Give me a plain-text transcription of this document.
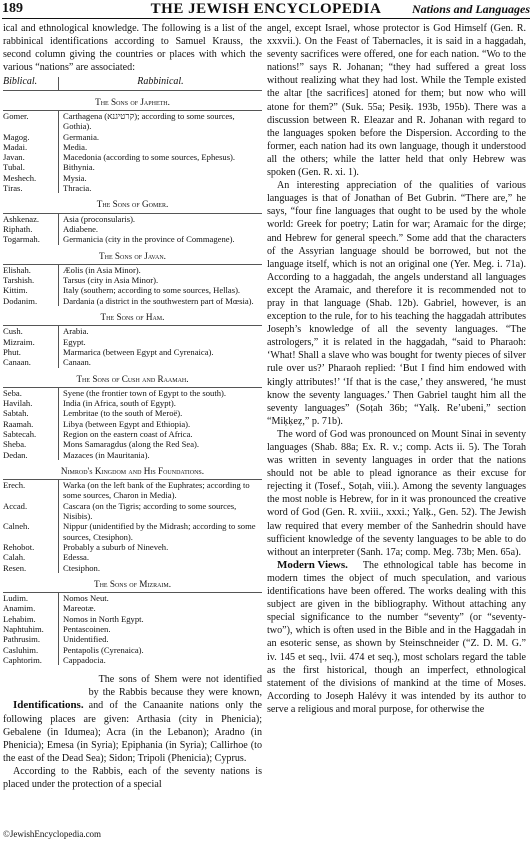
189	THE JEWISH ENCYCLOPEDIA	Nations and Languages

ical and ethnological knowledge. The following is a list of the rabbinical identifications according to Samuel Krauss, the second column giving the countries or places with which the various “nations” are associated:

Biblical.	Rabbinical.
The Sons of Japheth.	
Gomer.	Carthagena (קרטיגנא); according to some sources, Gothia).
Magog.	Germania.
Madai.	Media.
Javan.	Macedonia (according to some sources, Ephesus).
Tubal.	Bithynia.
Meshech.	Mysia.
Tiras.	Thracia.
The Sons of Gomer.	
Ashkenaz.	Asia (proconsularis).
Riphath.	Adiabene.
Togarmah.	Germanicia (city in the province of Commagene).
The Sons of Javan.	
Elishah.	Æolis (in Asia Minor).
Tarshish.	Tarsus (city in Asia Minor).
Kittim.	Italy (southern; according to some sources, Hellas).
Dodanim.	Dardania (a district in the southwestern part of Mœsia).
The Sons of Ham.	
Cush.	Arabia.
Mizraim.	Egypt.
Phut.	Marmarica (between Egypt and Cyrenaica).
Canaan.	Canaan.
The Sons of Cush and Raamah.	
Seba.	Syene (the frontier town of Egypt to the south).
Havilah.	India (in Africa, south of Egypt).
Sabtah.	Lembritae (to the south of Meroë).
Raamah.	Libya (between Egypt and Ethiopia).
Sabtecah.	Region on the eastern coast of Africa.
Sheba.	Mons Samaragdus (along the Red Sea).
Dedan.	Mazaces (in Mauritania).
Nimrod's Kingdom and His Foundations.	
Erech.	Warka (on the left bank of the Euphrates; according to some sources, Charon in Media).
Accad.	Cascara (on the Tigris; according to some sources, Nisibis).
Calneh.	Nippur (unidentified by the Midrash; according to some sources, Ctesiphon).
Rehobot.	Probably a suburb of Nineveh.
Calah.	Edessa.
Resen.	Ctesiphon.
The Sons of Mizraim.	
Ludim.	Nomos Neut.
Anamim.	Mareotæ.
Lehabim.	Nomos in North Egypt.
Naphtuhim.	Pentascoinen.
Pathrusim.	Unidentified.
Casluhim.	Pentapolis (Cyrenaica).
Caphtorim.	Cappadocia.

Identifications.
The sons of Shem were not identified by the Rabbis because they were known, and of the Canaanite nations only the following places are given: Arthasia (city in Phenicia); Gebalene (in Idumea); Acra (in the Lebanon); Aradno (in Phenicia); Emesa (in Syria); Epiphania (in Syria); Callirhoe (to the east of the Dead Sea); Sidon; Tripoli (Phenicia); Cyprus.

According to the Rabbis, each of the seventy nations is placed under the protection of a special

angel, except Israel, whose protector is God Himself (Gen. R. xxxvii.). On the Feast of Tabernacles, it is said in a haggadah, seventy sacrifices were offered, one for each nation. “Wo to the nations!” says R. Johanan; “they had suffered a great loss without realizing what they had lost. While the Temple existed the altar [the sacrifices] atoned for them; but now who will atone for them?” (Suk. 55a; Pesiḳ. 193b, 195b). There was a discussion between R. Eleazar and R. Johanan with regard to the languages spoken before the Dispersion. According to the former, each nation had its own language, though it understood all the others; while the latter held that only Hebrew was spoken (Gen. R. xi. 1).

An interesting appreciation of the qualities of various languages is that of Jonathan of Bet Gubrin. “There are,” he says, “four fine languages that ought to be used by the whole world: Greek for poetry; Latin for war; Aramaic for the dirge; and Hebrew for general speech.” Some add that the characters of the Assyrian language should be borrowed, but not the language itself, which is not an original one (Yer. Meg. i. 71a). According to a haggadah, the angels understand all languages except the Aramaic, and therefore it is recommended not to pray in that language (Shab. 12b). Gabriel, however, is an exception to the rule, for to his teaching the haggadah attributes Joseph’s knowledge of all the seventy languages. “The astrologers,” it is related in the haggadah, “said to Pharaoh: ‘What! Shall a slave who was bought for twenty pieces of silver rule over us?’ Pharaoh replied: ‘But I find him endowed with kingly attributes!’ ‘If that is the case,’ they answered, ‘he must know the seventy languages.’ Then Gabriel taught him all the seventy languages” (Soṭah 36b; “Yalḳ. Re’ubeni,” section “Miḳḳeẓ,” p. 71b).

The word of God was pronounced on Mount Sinai in seventy languages (Shab. 88a; Ex. R. v.; comp. Acts ii. 5). The Torah was written in seventy languages in order that the nations should not be able to plead ignorance as their excuse for rejecting it (Tosef., Soṭah, viii.). Among the seventy languages the most noble is Hebrew, for in it was pronounced the creative word of God (Gen. R. xviii., xxxi.; Yalḳ., Gen. 52). The Jewish law required that every member of the Sanhedrin should have sufficient knowledge of the seventy languages to be able to do without an interpreter (Sanh. 17a; comp. Meg. 73b; Men. 65a).

Modern Views. The ethnological table has become in modern times the object of much speculation, and various identifications have been offered. The works dealing with this subject are given in the bibliography. Without attaching any special significance to the number “seventy” (or “seventy-two”), which is often used in the Bible and in the Haggadah in an esoteric sense, as shown by Steinschneider (“Z. D. M. G.” iv. 145 et seq., lvii. 474 et seq.), most scholars regard the table as the first historical, though an imperfect, ethnological statement of the divisions of mankind at the time of Moses. According to Joseph Halévy it was intended by its author to serve a religious and moral purpose, for otherwise the

©JewishEncyclopedia.com
